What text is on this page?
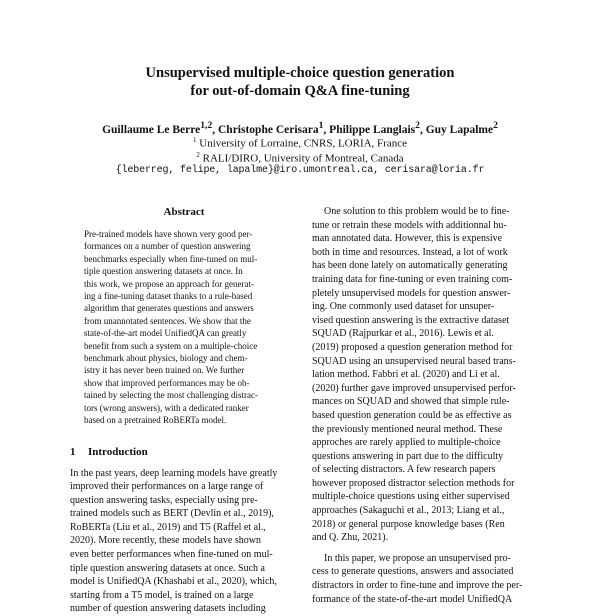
Unsupervised multiple-choice question generation
for out-of-domain Q&A fine-tuning
Guillaume Le Berre$^{1,2}$, Christophe Cerisara$^1$, Philippe Langlais$^2$, Guy Lapalme$^2$
$^1$ University of Lorraine, CNRS, LORIA, France
$^2$ RALI/DIRO, University of Montreal, Canada
{leberreg, felipe, lapalme}@iro.umontreal.ca, cerisara@loria.fr
Abstract
Pre-trained models have shown very good per-
formances on a number of question answering
benchmarks especially when fine-tuned on mul-
tiple question answering datasets at once. In
this work, we propose an approach for generat-
ing a fine-tuning dataset thanks to a rule-based
algorithm that generates questions and answers
from unannotated sentences. We show that the
state-of-the-art model UnifiedQA can greatly
benefit from such a system on a multiple-choice
benchmark about physics, biology and chem-
istry it has never been trained on. We further
show that improved performances may be ob-
tained by selecting the most challenging distrac-
tors (wrong answers), with a dedicated ranker
based on a pretrained RoBERTa model.
1 Introduction
In the past years, deep learning models have greatly
improved their performances on a large range of
question answering tasks, especially using pre-
trained models such as BERT (Devlin et al., 2019),
RoBERTa (Liu et al., 2019) and T5 (Raffel et al.,
2020). More recently, these models have shown
even better performances when fine-tuned on mul-
tiple question answering datasets at once. Such a
model is UnifiedQA (Khashabi et al., 2020), which,
starting from a T5 model, is trained on a large
number of question answering datasets including
One solution to this problem would be to fine-
tune or retrain these models with additionnal hu-
man annotated data. However, this is expensive
both in time and resources. Instead, a lot of work
has been done lately on automatically generating
training data for fine-tuning or even training com-
pletely unsupervised models for question answer-
ing. One commonly used dataset for unsuper-
vised question answering is the extractive dataset
SQUAD (Rajpurkar et al., 2016). Lewis et al.
(2019) proposed a question generation method for
SQUAD using an unsupervised neural based trans-
lation method. Fabbri et al. (2020) and Li et al.
(2020) further gave improved unsupervised perfor-
mances on SQUAD and showed that simple rule-
based question generation could be as effective as
the previously mentioned neural method. These
approches are rarely applied to multiple-choice
questions answering in part due to the difficulty
of selecting distractors. A few research papers
however proposed distractor selection methods for
multiple-choice questions using either supervised
approaches (Sakaguchi et al., 2013; Liang et al.,
2018) or general purpose knowledge bases (Ren
and Q. Zhu, 2021).
In this paper, we propose an unsupervised pro-
cess to generate questions, answers and associated
distractors in order to fine-tune and improve the per-
formance of the state-of-the-art model UnifiedQA
